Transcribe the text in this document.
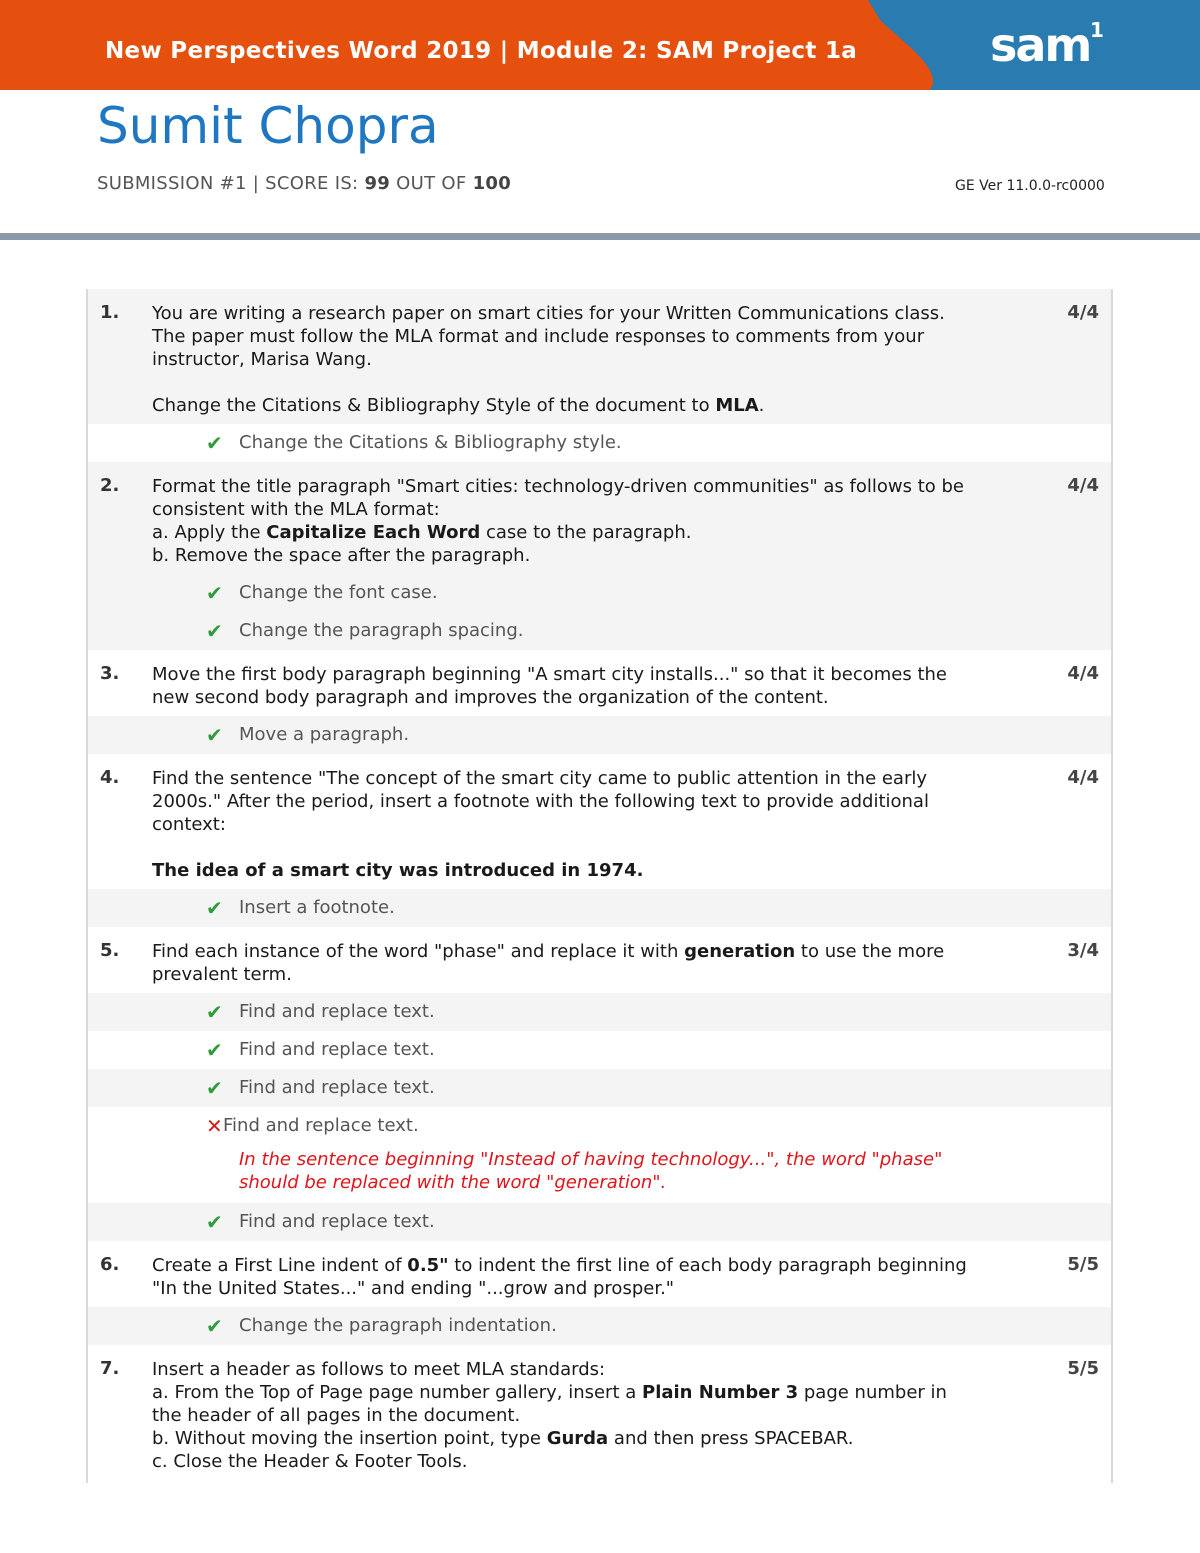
New Perspectives Word 2019 | Module 2: SAM Project 1a	sam 1
Sumit Chopra
SUBMISSION #1 | SCORE IS: 99 OUT OF 100	GE Ver 11.0.0-rc0000
1.	4/4

You are writing a research paper on smart cities for your Written Communications class. The paper must follow the MLA format and include responses to comments from your instructor, Marisa Wang.

Change the Citations & Bibliography Style of the document to MLA.

✔ Change the Citations & Bibliography style.
2.	4/4

Format the title paragraph "Smart cities: technology-driven communities" as follows to be consistent with the MLA format:

a. Apply the Capitalize Each Word case to the paragraph.

b. Remove the space after the paragraph.

✔ Change the font case.
✔ Change the paragraph spacing.
3.	4/4

Move the first body paragraph beginning "A smart city installs..." so that it becomes the new second body paragraph and improves the organization of the content.

✔ Move a paragraph.
4.	4/4

Find the sentence "The concept of the smart city came to public attention in the early 2000s." After the period, insert a footnote with the following text to provide additional context:

The idea of a smart city was introduced in 1974.

✔ Insert a footnote.
5.	3/4

Find each instance of the word "phase" and replace it with generation to use the more prevalent term.

✔ Find and replace text.
✔ Find and replace text.
✔ Find and replace text.
✕ Find and replace text.
In the sentence beginning "Instead of having technology...", the word "phase" should be replaced with the word "generation".
✔ Find and replace text.
6.	5/5

Create a First Line indent of 0.5" to indent the first line of each body paragraph beginning "In the United States..." and ending "...grow and prosper."

✔ Change the paragraph indentation.
7.	5/5

Insert a header as follows to meet MLA standards:

a. From the Top of Page page number gallery, insert a Plain Number 3 page number in the header of all pages in the document.

b. Without moving the insertion point, type Gurda and then press SPACEBAR.

c. Close the Header & Footer Tools.
